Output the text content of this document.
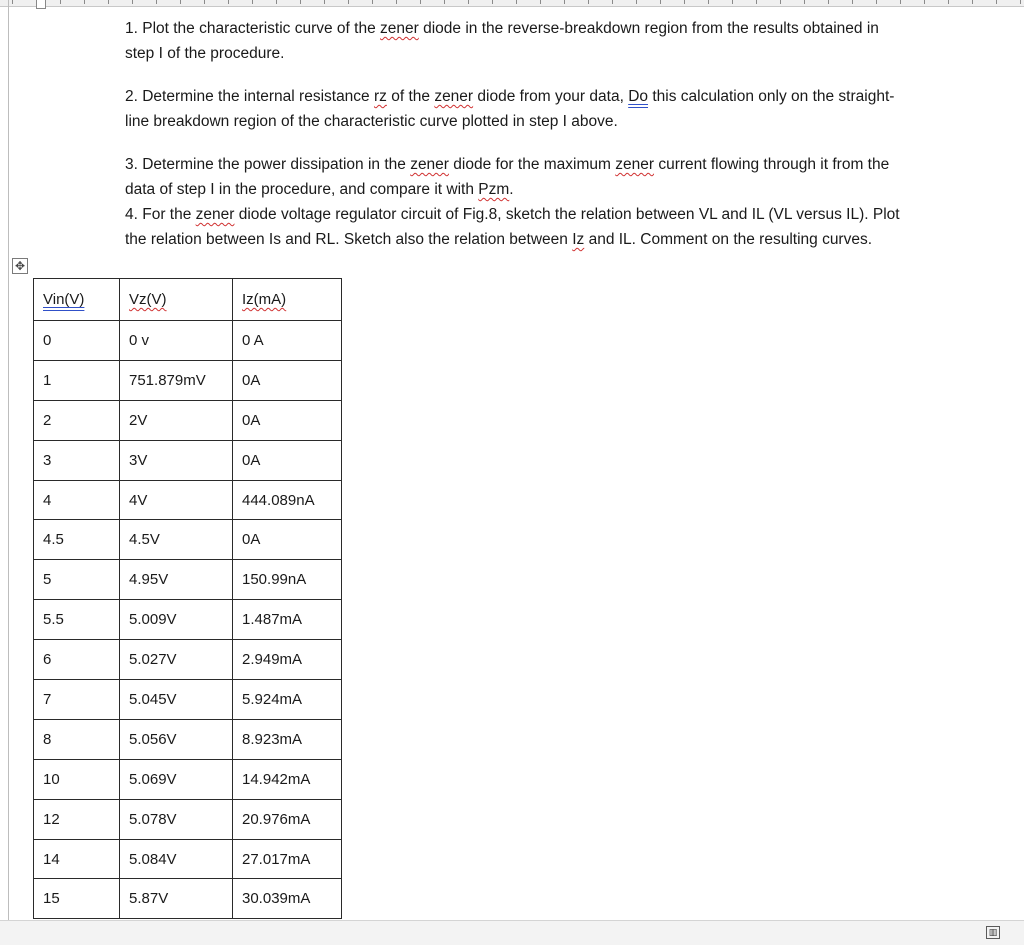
1. Plot the characteristic curve of the zener diode in the reverse-breakdown region from the results obtained in step I of the procedure.

2. Determine the internal resistance rz of the zener diode from your data, Do this calculation only on the straight-line breakdown region of the characteristic curve plotted in step I above.

3. Determine the power dissipation in the zener diode for the maximum zener current flowing through it from the data of step I in the procedure, and compare it with Pzm.

4. For the zener diode voltage regulator circuit of Fig.8, sketch the relation between VL and IL (VL versus IL). Plot the relation between Is and RL. Sketch also the relation between Iz and IL. Comment on the resulting curves.

✥
Vin(V)	Vz(V)	Iz(mA)
0	0 v	0 A
1	751.879mV	0A
2	2V	0A
3	3V	0A
4	4V	444.089nA
4.5	4.5V	0A
5	4.95V	150.99nA
5.5	5.009V	1.487mA
6	5.027V	2.949mA
7	5.045V	5.924mA
8	5.056V	8.923mA
10	5.069V	14.942mA
12	5.078V	20.976mA
14	5.084V	27.017mA
15	5.87V	30.039mA
▥
